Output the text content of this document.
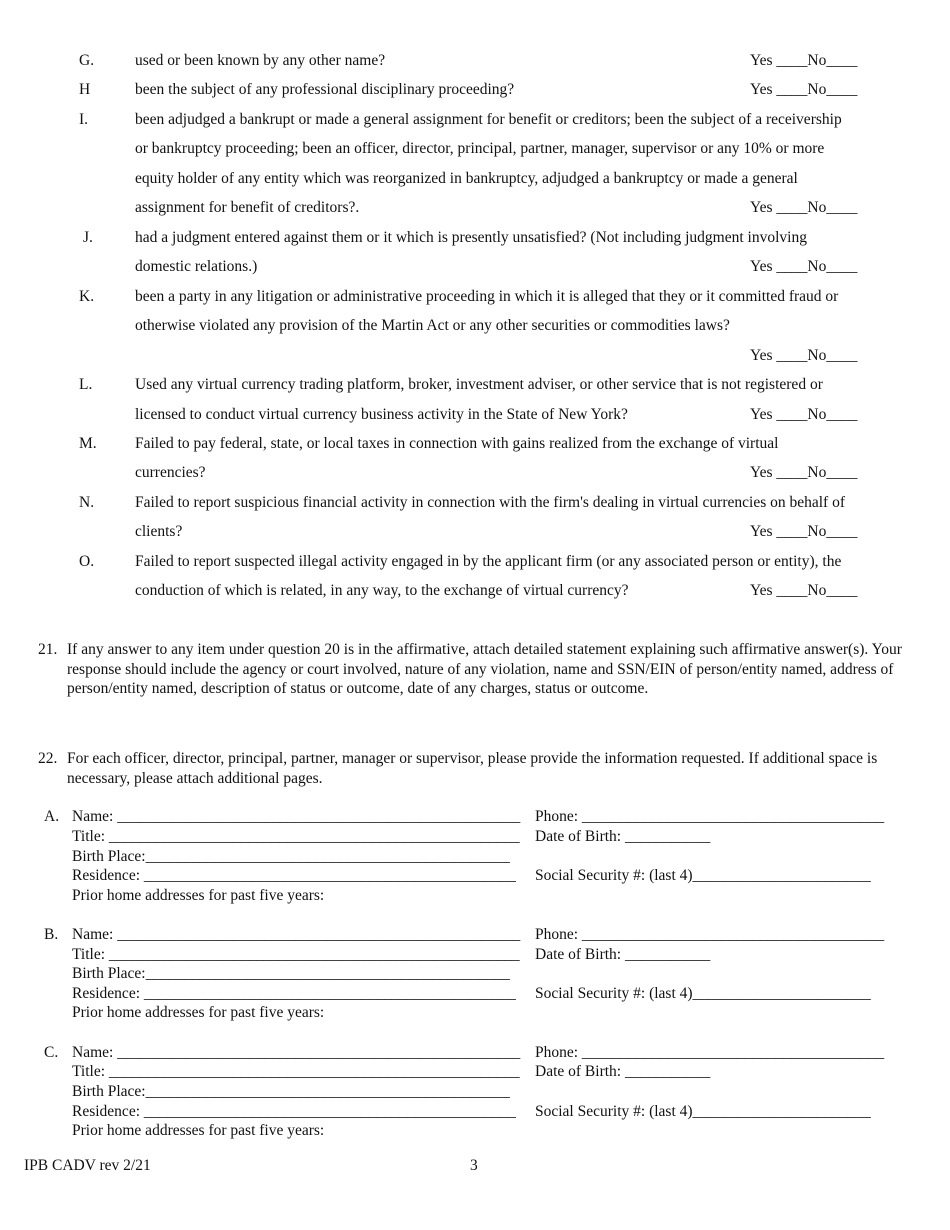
G.	used or been known by any other name?	Yes ____No____
H	been the subject of any professional disciplinary proceeding?	Yes ____No____
I.	been adjudged a bankrupt or made a general assignment for benefit or creditors; been the subject of a receivership
or bankruptcy proceeding; been an officer, director, principal, partner, manager, supervisor or any 10% or more
equity holder of any entity which was reorganized in bankruptcy, adjudged a bankruptcy or made a general
assignment for benefit of creditors?.	Yes ____No____
J.	had a judgment entered against them or it which is presently unsatisfied? (Not including judgment involving
domestic relations.)	Yes ____No____
K.	been a party in any litigation or administrative proceeding in which it is alleged that they or it committed fraud or
otherwise violated any provision of the Martin Act or any other securities or commodities laws?
Yes ____No____
L.	Used any virtual currency trading platform, broker, investment adviser, or other service that is not registered or
licensed to conduct virtual currency business activity in the State of New York?	Yes ____No____
M.	Failed to pay federal, state, or local taxes in connection with gains realized from the exchange of virtual
currencies?	Yes ____No____
N.	Failed to report suspicious financial activity in connection with the firm's dealing in virtual currencies on behalf of
clients?	Yes ____No____
O.	Failed to report suspected illegal activity engaged in by the applicant firm (or any associated person or entity), the
conduction of which is related, in any way, to the exchange of virtual currency?	Yes ____No____
21. If any answer to any item under question 20 is in the affirmative, attach detailed statement explaining such affirmative answer(s). Your response should include the agency or court involved, nature of any violation, name and SSN/EIN of person/entity named, address of person/entity named, description of status or outcome, date of any charges, status or outcome.
22. For each officer, director, principal, partner, manager or supervisor, please provide the information requested. If additional space is necessary, please attach additional pages.
A. Name: ____________________________________________________ Phone: _______________________________________
Title: _____________________________________________________ Date of Birth: ___________
Birth Place:_______________________________________________
Residence: ________________________________________________ Social Security #: (last 4)_______________________
Prior home addresses for past five years:
B. Name: ____________________________________________________ Phone: _______________________________________
Title: _____________________________________________________ Date of Birth: ___________
Birth Place:_______________________________________________
Residence: ________________________________________________ Social Security #: (last 4)_______________________
Prior home addresses for past five years:
C. Name: ____________________________________________________ Phone: _______________________________________
Title: _____________________________________________________ Date of Birth: ___________
Birth Place:_______________________________________________
Residence: ________________________________________________ Social Security #: (last 4)_______________________
Prior home addresses for past five years:
IPB CADV rev 2/21	3
